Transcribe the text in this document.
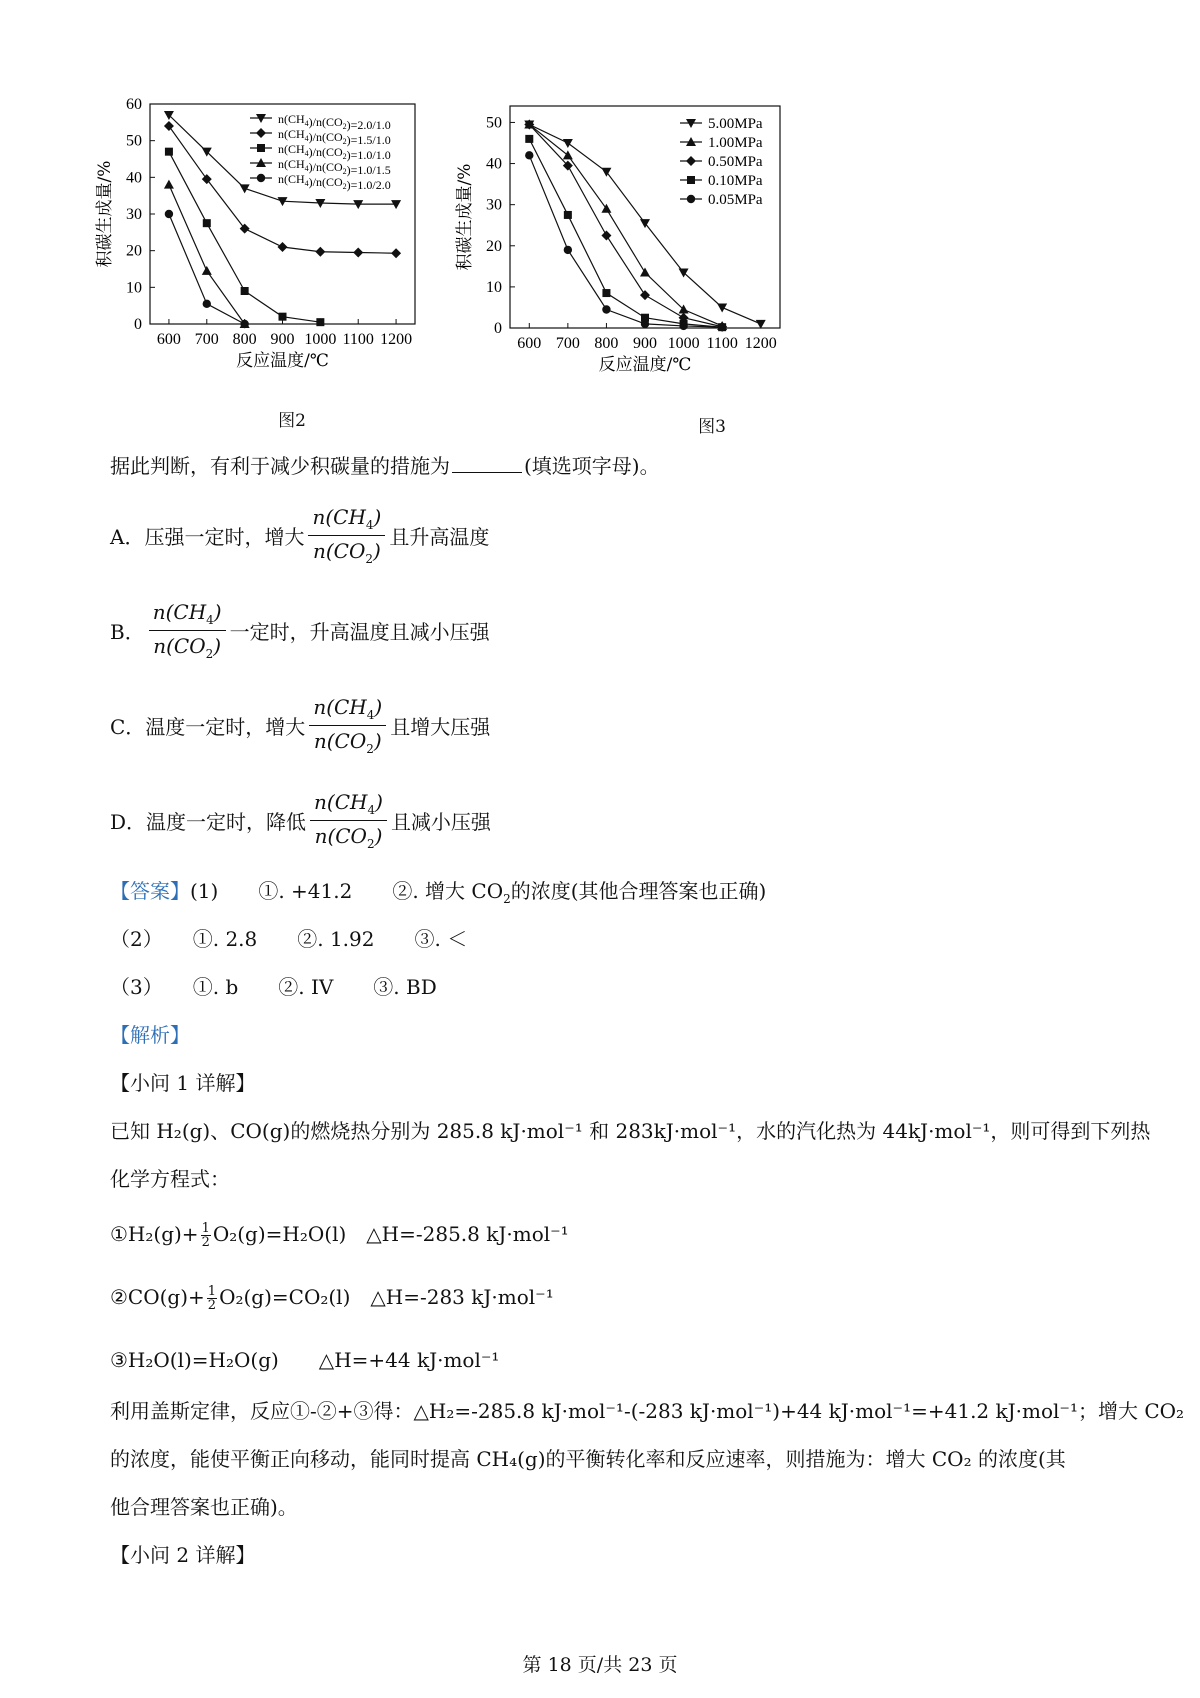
600 700 800 900 1000 1100 1200
0
10
20
30
40
50
60
反应温度/℃
积碳生成量/%
$n(CH_4)/n(CO_2)=2.0/1.0$
$n(CH_4)/n(CO_2)=1.5/1.0$
$n(CH_4)/n(CO_2)=1.0/1.0$
$n(CH_4)/n(CO_2)=1.0/1.5$
$n(CH_4)/n(CO_2)=1.0/2.0$
图2
600 700 800 900 1000 1100 1200
0
10
20
30
40
50
反应温度/℃
积碳生成量/%
5.00MPa
1.00MPa
0.50MPa
0.10MPa
0.05MPa
图3
据此判断，有利于减少积碳量的措施为	(填选项字母)。
A． 压强一定时，增大 $\frac{n(CH_4)}{n(CO_2)}$ 且升高温度
B． $\frac{n(CH_4)}{n(CO_2)}$ 一定时，升高温度且减小压强
C． 温度一定时，增大 $\frac{n(CH_4)}{n(CO_2)}$ 且增大压强
D． 温度一定时，降低 $\frac{n(CH_4)}{n(CO_2)}$ 且减小压强
【答案】(1)　　①. +41.2　　②. 增大 $CO_2$的浓度(其他合理答案也正确)
（2）　　①. 2.8　　②. 1.92　　③. ＜
（3）　　①. b　　②. IV　　③. BD
【解析】
【小问 1 详解】
已知 H₂(g)、CO(g)的燃烧热分别为 285.8 kJ·mol⁻¹ 和 283kJ·mol⁻¹，水的汽化热为 44kJ·mol⁻¹，则可得到下列热
化学方程式：
①H₂(g)+ $\frac{1}{2} O_2(g)=H_2O(l)$　△H=-285.8 kJ·mol⁻¹
②CO(g)+ $\frac{1}{2} O_2(g)=CO_2(l)$　△H=-283 kJ·mol⁻¹
③H₂O(l)=H₂O(g)　　△H=+44 kJ·mol⁻¹
利用盖斯定律，反应①-②+③得：△H₂=-285.8 kJ·mol⁻¹-(-283 kJ·mol⁻¹)+44 kJ·mol⁻¹=+41.2 kJ·mol⁻¹；增大 CO₂
的浓度，能使平衡正向移动，能同时提高 CH₄(g)的平衡转化率和反应速率，则措施为：增大 CO₂ 的浓度(其
他合理答案也正确)。
【小问 2 详解】
第 18 页/共 23 页
